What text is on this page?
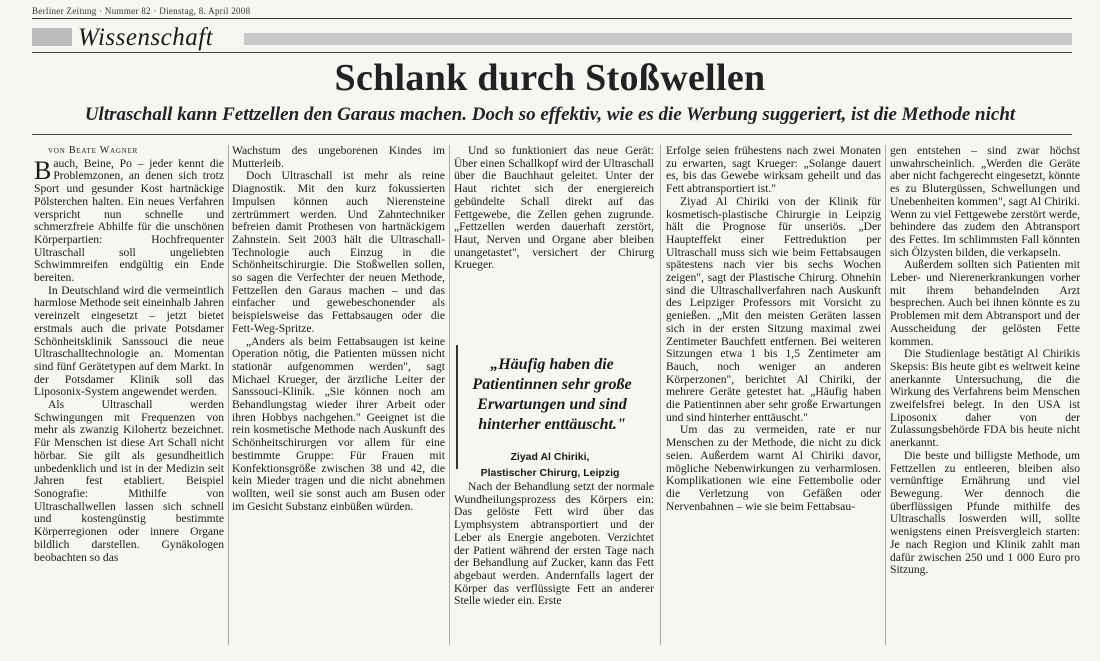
Berliner Zeitung · Nummer 82 · Dienstag, 8. April 2008
Wissenschaft
Schlank durch Stoßwellen
Ultraschall kann Fettzellen den Garaus machen. Doch so effektiv, wie es die Werbung suggeriert, ist die Methode nicht

von Beate Wagner

Bauch, Beine, Po – jeder kennt die Problemzonen, an denen sich trotz Sport und gesunder Kost hartnäckige Pölsterchen halten. Ein neues Verfahren verspricht nun schnelle und schmerzfreie Abhilfe für die unschönen Körperpartien: Hochfrequenter Ultraschall soll ungeliebten Schwimmreifen endgültig ein Ende bereiten.

In Deutschland wird die vermeintlich harmlose Methode seit eineinhalb Jahren vereinzelt eingesetzt – jetzt bietet erstmals auch die private Potsdamer Schönheitsklinik Sanssouci die neue Ultraschalltechnologie an. Momentan sind fünf Gerätetypen auf dem Markt. In der Potsdamer Klinik soll das Liposonix-System angewendet werden.

Als Ultraschall werden Schwingungen mit Frequenzen von mehr als zwanzig Kilohertz bezeichnet. Für Menschen ist diese Art Schall nicht hörbar. Sie gilt als gesundheitlich unbedenklich und ist in der Medizin seit Jahren fest etabliert. Beispiel Sonografie: Mithilfe von Ultraschallwellen lassen sich schnell und kostengünstig bestimmte Körperregionen oder innere Organe bildlich darstellen. Gynäkologen beobachten so das

Wachstum des ungeborenen Kindes im Mutterleib.

Doch Ultraschall ist mehr als reine Diagnostik. Mit den kurz fokussierten Impulsen können auch Nierensteine zertrümmert werden. Und Zahntechniker befreien damit Prothesen von hartnäckigem Zahnstein. Seit 2003 hält die Ultraschall-Technologie auch Einzug in die Schönheitschirurgie. Die Stoßwellen sollen, so sagen die Verfechter der neuen Methode, Fettzellen den Garaus machen – und das einfacher und gewebeschonender als beispielsweise das Fettabsaugen oder die Fett-Weg-Spritze.

„Anders als beim Fettabsaugen ist keine Operation nötig, die Patienten müssen nicht stationär aufgenommen werden", sagt Michael Krueger, der ärztliche Leiter der Sanssouci-Klinik. „Sie können noch am Behandlungstag wieder ihrer Arbeit oder ihren Hobbys nachgehen." Geeignet ist die rein kosmetische Methode nach Auskunft des Schönheitschirurgen vor allem für eine bestimmte Gruppe: Für Frauen mit Konfektionsgröße zwischen 38 und 42, die kein Mieder tragen und die nicht abnehmen wollten, weil sie sonst auch am Busen oder im Gesicht Substanz einbüßen würden.

Und so funktioniert das neue Gerät: Über einen Schallkopf wird der Ultraschall über die Bauchhaut geleitet. Unter der Haut richtet sich der energiereich gebündelte Schall direkt auf das Fettgewebe, die Zellen gehen zugrunde. „Fettzellen werden dauerhaft zerstört, Haut, Nerven und Organe aber bleiben unangetastet", versichert der Chirurg Krueger.

„Häufig haben die Patientinnen sehr große Erwartungen und sind hinterher enttäuscht."
Ziyad Al Chiriki,
Plastischer Chirurg, Leipzig

Nach der Behandlung setzt der normale Wundheilungsprozess des Körpers ein: Das gelöste Fett wird über das Lymphsystem abtransportiert und der Leber als Energie angeboten. Verzichtet der Patient während der ersten Tage nach der Behandlung auf Zucker, kann das Fett abgebaut werden. Andernfalls lagert der Körper das verflüssigte Fett an anderer Stelle wieder ein. Erste

Erfolge seien frühestens nach zwei Monaten zu erwarten, sagt Krueger: „Solange dauert es, bis das Gewebe wirksam geheilt und das Fett abtransportiert ist."

Ziyad Al Chiriki von der Klinik für kosmetisch-plastische Chirurgie in Leipzig hält die Prognose für unseriös. „Der Haupteffekt einer Fettreduktion per Ultraschall muss sich wie beim Fettabsaugen spätestens nach vier bis sechs Wochen zeigen", sagt der Plastische Chirurg. Ohnehin sind die Ultraschallverfahren nach Auskunft des Leipziger Professors mit Vorsicht zu genießen. „Mit den meisten Geräten lassen sich in der ersten Sitzung maximal zwei Zentimeter Bauchfett entfernen. Bei weiteren Sitzungen etwa 1 bis 1,5 Zentimeter am Bauch, noch weniger an anderen Körperzonen", berichtet Al Chiriki, der mehrere Geräte getestet hat. „Häufig haben die Patientinnen aber sehr große Erwartungen und sind hinterher enttäuscht."

Um das zu vermeiden, rate er nur Menschen zu der Methode, die nicht zu dick seien. Außerdem warnt Al Chiriki davor, mögliche Nebenwirkungen zu verharmlosen. Komplikationen wie eine Fettembolie oder die Verletzung von Gefäßen oder Nervenbahnen – wie sie beim Fettabsau-

gen entstehen – sind zwar höchst unwahrscheinlich. „Werden die Geräte aber nicht fachgerecht eingesetzt, könnte es zu Blutergüssen, Schwellungen und Unebenheiten kommen", sagt Al Chiriki. Wenn zu viel Fettgewebe zerstört werde, behindere das zudem den Abtransport des Fettes. Im schlimmsten Fall könnten sich Ölzysten bilden, die verkapseln.

Außerdem sollten sich Patienten mit Leber- und Nierenerkrankungen vorher mit ihrem behandelnden Arzt besprechen. Auch bei ihnen könnte es zu Problemen mit dem Abtransport und der Ausscheidung der gelösten Fette kommen.

Die Studienlage bestätigt Al Chirikis Skepsis: Bis heute gibt es weltweit keine anerkannte Untersuchung, die die Wirkung des Verfahrens beim Menschen zweifelsfrei belegt. In den USA ist Liposonix daher von der Zulassungsbehörde FDA bis heute nicht anerkannt.

Die beste und billigste Methode, um Fettzellen zu entleeren, bleiben also vernünftige Ernährung und viel Bewegung. Wer dennoch die überflüssigen Pfunde mithilfe des Ultraschalls loswerden will, sollte wenigstens einen Preisvergleich starten: Je nach Region und Klinik zahlt man dafür zwischen 250 und 1 000 Euro pro Sitzung.
